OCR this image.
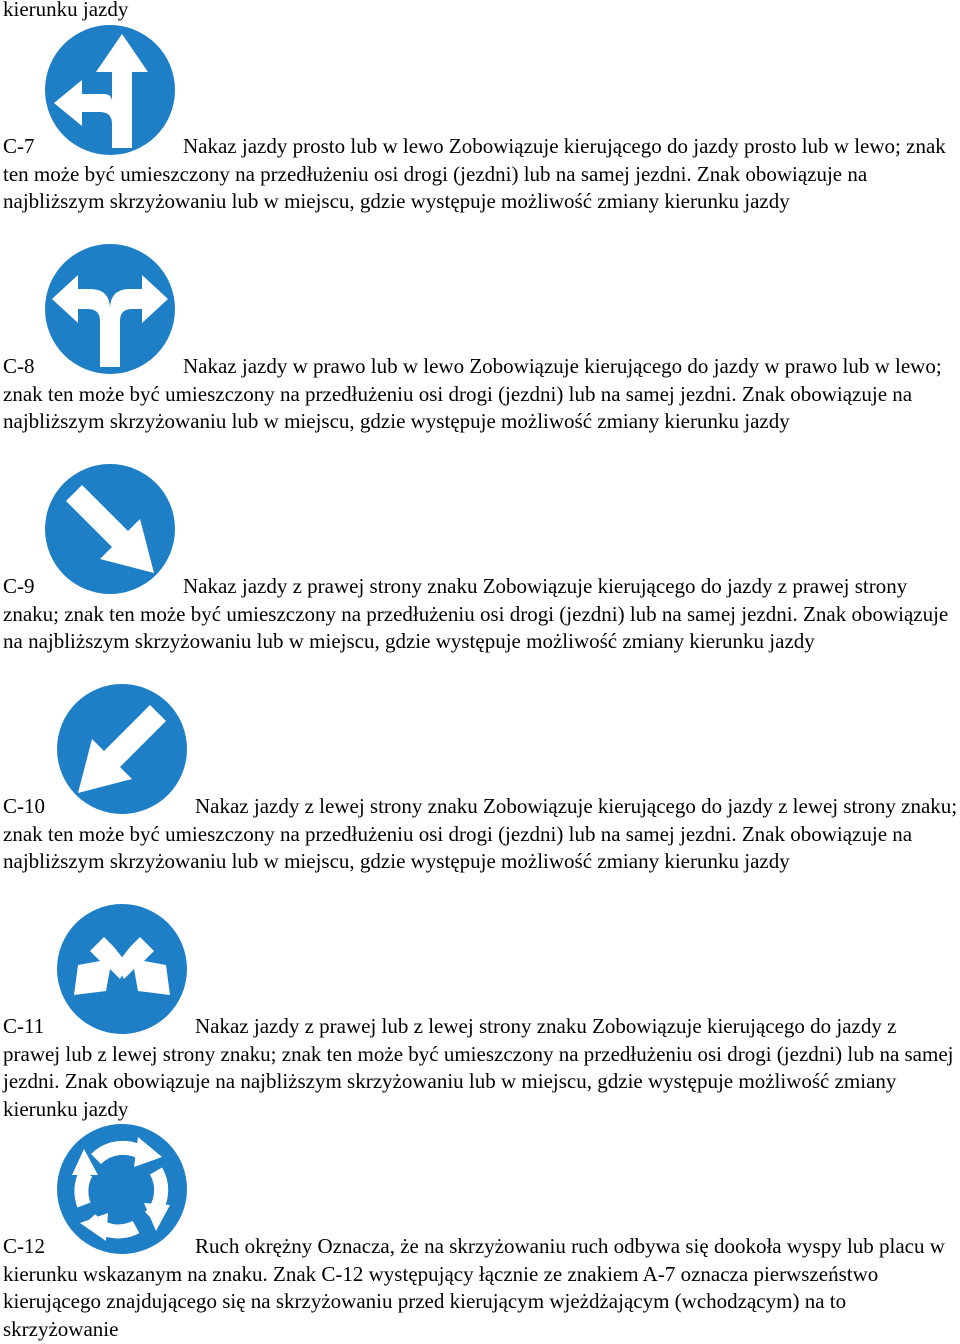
kierunku jazdy
C-7	Nakaz jazdy prosto lub w lewo Zobowiązuje kierującego do jazdy prosto lub w lewo; znak ten może być umieszczony na przedłużeniu osi drogi (jezdni) lub na samej jezdni. Znak obowiązuje na najbliższym skrzyżowaniu lub w miejscu, gdzie występuje możliwość zmiany kierunku jazdy
C-8	Nakaz jazdy w prawo lub w lewo Zobowiązuje kierującego do jazdy w prawo lub w lewo; znak ten może być umieszczony na przedłużeniu osi drogi (jezdni) lub na samej jezdni. Znak obowiązuje na najbliższym skrzyżowaniu lub w miejscu, gdzie występuje możliwość zmiany kierunku jazdy
C-9	Nakaz jazdy z prawej strony znaku Zobowiązuje kierującego do jazdy z prawej strony znaku; znak ten może być umieszczony na przedłużeniu osi drogi (jezdni) lub na samej jezdni. Znak obowiązuje na najbliższym skrzyżowaniu lub w miejscu, gdzie występuje możliwość zmiany kierunku jazdy
C-10	Nakaz jazdy z lewej strony znaku Zobowiązuje kierującego do jazdy z lewej strony znaku; znak ten może być umieszczony na przedłużeniu osi drogi (jezdni) lub na samej jezdni. Znak obowiązuje na najbliższym skrzyżowaniu lub w miejscu, gdzie występuje możliwość zmiany kierunku jazdy
C-11	Nakaz jazdy z prawej lub z lewej strony znaku Zobowiązuje kierującego do jazdy z prawej lub z lewej strony znaku; znak ten może być umieszczony na przedłużeniu osi drogi (jezdni) lub na samej jezdni. Znak obowiązuje na najbliższym skrzyżowaniu lub w miejscu, gdzie występuje możliwość zmiany kierunku jazdy
C-12	Ruch okrężny Oznacza, że na skrzyżowaniu ruch odbywa się dookoła wyspy lub placu w kierunku wskazanym na znaku. Znak C-12 występujący łącznie ze znakiem A-7 oznacza pierwszeństwo kierującego znajdującego się na skrzyżowaniu przed kierującym wjeżdżającym (wchodzącym) na to skrzyżowanie
